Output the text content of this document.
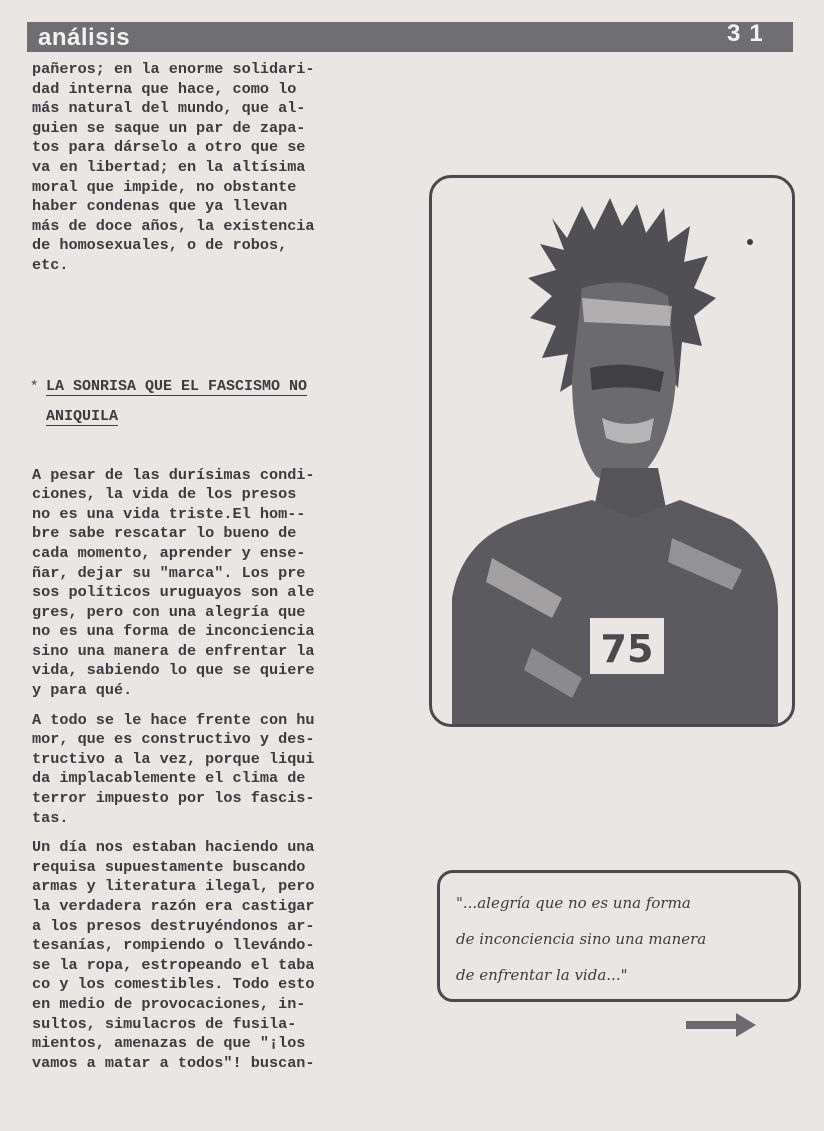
análisis	31

pañeros; en la enorme solidari-
dad interna que hace, como lo
más natural del mundo, que al-
guien se saque un par de zapa-
tos para dárselo a otro que se
va en libertad; en la altísima
moral que impide, no obstante
haber condenas que ya llevan
más de doce años, la existencia
de homosexuales, o de robos,
etc.

* LA SONRISA QUE EL FASCISMO NO
ANIQUILA

A pesar de las durísimas condi-
ciones, la vida de los presos
no es una vida triste.El hom--
bre sabe rescatar lo bueno de
cada momento, aprender y ense-
ñar, dejar su "marca". Los pre
sos políticos uruguayos son ale
gres, pero con una alegría que
no es una forma de inconciencia
sino una manera de enfrentar la
vida, sabiendo lo que se quiere
y para qué.

A todo se le hace frente con hu
mor, que es constructivo y des-
tructivo a la vez, porque liqui
da implacablemente el clima de
terror impuesto por los fascis-
tas.

Un día nos estaban haciendo una
requisa supuestamente buscando
armas y literatura ilegal, pero
la verdadera razón era castigar
a los presos destruyéndonos ar-
tesanías, rompiendo o llevándo-
se la ropa, estropeando el taba
co y los comestibles. Todo esto
en medio de provocaciones, in-
sultos, simulacros de fusila-
mientos, amenazas de que "¡los
vamos a matar a todos"! buscan-

75
"...alegría que no es una forma
de inconciencia sino una manera
de enfrentar la vida..."
